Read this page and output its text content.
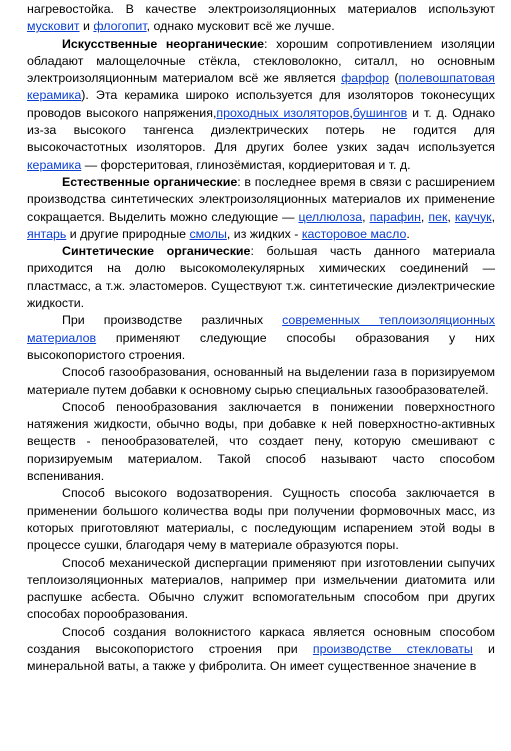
нагревостойка. В качестве электроизоляционных материалов используют мусковит и флогопит, однако мусковит всё же лучше.

Искусственные неорганические: хорошим сопротивлением изоляции обладают малощелочные стёкла, стекловолокно, ситалл, но основным электроизоляционным материалом всё же является фарфор (полевошпатовая керамика). Эта керамика широко используется для изоляторов токонесущих проводов высокого напряжения,проходных изоляторов,бушингов и т. д. Однако из-за высокого тангенса диэлектрических потерь не годится для высокочастотных изоляторов. Для других более узких задач используется керамика — форстеритовая, глинозёмистая, кордиеритовая и т. д.

Естественные органические: в последнее время в связи с расширением производства синтетических электроизоляционных материалов их применение сокращается. Выделить можно следующие — целлюлоза, парафин, пек, каучук, янтарь и другие природные смолы, из жидких - касторовое масло.

Синтетические органические: большая часть данного материала приходится на долю высокомолекулярных химических соединений — пластмасс, а т.ж. эластомеров. Существуют т.ж. синтетические диэлектрические жидкости.

При производстве различных современных теплоизоляционных материалов применяют следующие способы образования у них высокопористого строения.

Способ газообразования, основанный на выделении газа в поризируемом материале путем добавки к основному сырью специальных газообразователей.

Способ пенообразования заключается в понижении поверхностного натяжения жидкости, обычно воды, при добавке к ней поверхностно-активных веществ - пенообразователей, что создает пену, которую смешивают с поризируемым материалом. Такой способ называют часто способом вспенивания.

Способ высокого водозатворения. Сущность способа заключается в применении большого количества воды при получении формовочных масс, из которых приготовляют материалы, с последующим испарением этой воды в процессе сушки, благодаря чему в материале образуются поры.

Способ механической диспергации применяют при изготовлении сыпучих теплоизоляционных материалов, например при измельчении диатомита или распушке асбеста. Обычно служит вспомогательным способом при других способах порообразования.

Способ создания волокнистого каркаса является основным способом создания высокопористого строения при производстве стекловаты и минеральной ваты, а также у фибролита. Он имеет существенное значение в
